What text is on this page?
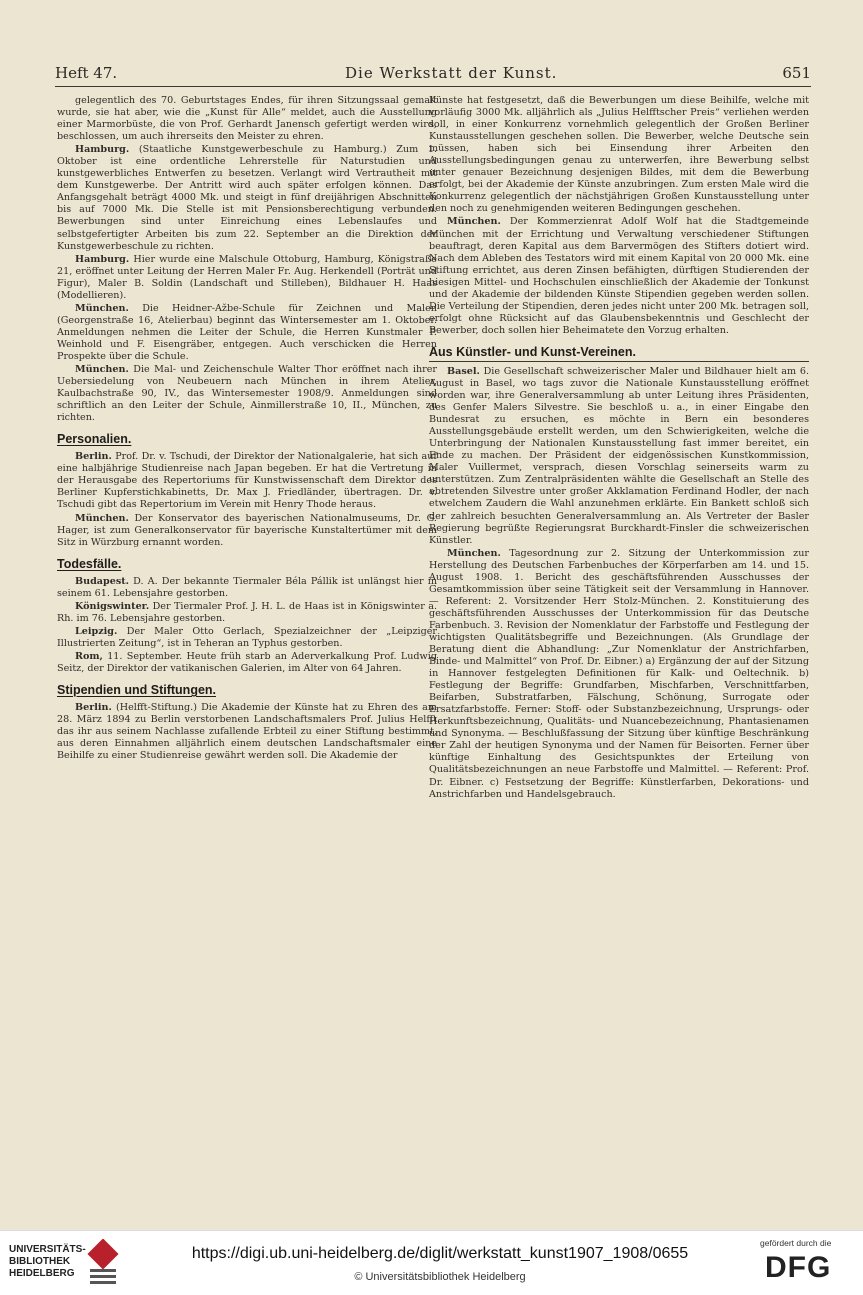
Heft 47.	Die Werkstatt der Kunst.	651

gelegentlich des 70. Geburtstages Endes, für ihren Sitzungssaal gemalt wurde, sie hat aber, wie die „Kunst für Alle“ meldet, auch die Ausstellung einer Marmorbüste, die von Prof. Gerhardt Janensch gefertigt werden wird, beschlossen, um auch ihrerseits den Meister zu ehren.

Hamburg. (Staatliche Kunstgewerbeschule zu Hamburg.) Zum 1. Oktober ist eine ordentliche Lehrerstelle für Naturstudien und kunstgewerbliches Entwerfen zu besetzen. Verlangt wird Vertrautheit mit dem Kunstgewerbe. Der Antritt wird auch später erfolgen können. Das Anfangsgehalt beträgt 4000 Mk. und steigt in fünf dreijährigen Abschnitten bis auf 7000 Mk. Die Stelle ist mit Pensionsberechtigung verbunden. Bewerbungen sind unter Einreichung eines Lebenslaufes und selbstgefertigter Arbeiten bis zum 22. September an die Direktion der Kunstgewerbeschule zu richten.

Hamburg. Hier wurde eine Malschule Ottoburg, Hamburg, Königstraße 21, eröffnet unter Leitung der Herren Maler Fr. Aug. Herkendell (Porträt und Figur), Maler B. Soldin (Landschaft und Stilleben), Bildhauer H. Haas (Modellieren).

München. Die Heidner-Ažbe-Schule für Zeichnen und Malen (Georgenstraße 16, Atelierbau) beginnt das Wintersemester am 1. Oktober. Anmeldungen nehmen die Leiter der Schule, die Herren Kunstmaler P. Weinhold und F. Eisengräber, entgegen. Auch verschicken die Herren Prospekte über die Schule.

München. Die Mal- und Zeichenschule Walter Thor eröffnet nach ihrer Uebersiedelung von Neubeuern nach München in ihrem Atelier, Kaulbachstraße 90, IV., das Wintersemester 1908/9. Anmeldungen sind schriftlich an den Leiter der Schule, Ainmillerstraße 10, II., München, zu richten.

Personalien.

Berlin. Prof. Dr. v. Tschudi, der Direktor der Nationalgalerie, hat sich auf eine halbjährige Studienreise nach Japan begeben. Er hat die Vertretung in der Herausgabe des Repertoriums für Kunstwissenschaft dem Direktor des Berliner Kupferstichkabinetts, Dr. Max J. Friedländer, übertragen. Dr. v. Tschudi gibt das Repertorium im Verein mit Henry Thode heraus.

München. Der Konservator des bayerischen Nationalmuseums, Dr. G. Hager, ist zum Generalkonservator für bayerische Kunstaltertümer mit dem Sitz in Würzburg ernannt worden.

Todesfälle.

Budapest. D. A. Der bekannte Tiermaler Béla Pállik ist unlängst hier in seinem 61. Lebensjahre gestorben.

Königswinter. Der Tiermaler Prof. J. H. L. de Haas ist in Königswinter a. Rh. im 76. Lebensjahre gestorben.

Leipzig. Der Maler Otto Gerlach, Spezialzeichner der „Leipziger Illustrierten Zeitung“, ist in Teheran an Typhus gestorben.

Rom, 11. September. Heute früh starb an Aderverkalkung Prof. Ludwig Seitz, der Direktor der vatikanischen Galerien, im Alter von 64 Jahren.

Stipendien und Stiftungen.

Berlin. (Helfft-Stiftung.) Die Akademie der Künste hat zu Ehren des am 28. März 1894 zu Berlin verstorbenen Landschaftsmalers Prof. Julius Helfft das ihr aus seinem Nachlasse zufallende Erbteil zu einer Stiftung bestimmt, aus deren Einnahmen alljährlich einem deutschen Landschaftsmaler eine Beihilfe zu einer Studienreise gewährt werden soll. Die Akademie der

Künste hat festgesetzt, daß die Bewerbungen um diese Beihilfe, welche mit vorläufig 3000 Mk. alljährlich als „Julius Helfftscher Preis“ verliehen werden soll, in einer Konkurrenz vornehmlich gelegentlich der Großen Berliner Kunstausstellungen geschehen sollen. Die Bewerber, welche Deutsche sein müssen, haben sich bei Einsendung ihrer Arbeiten den Ausstellungsbedingungen genau zu unterwerfen, ihre Bewerbung selbst unter genauer Bezeichnung desjenigen Bildes, mit dem die Bewerbung erfolgt, bei der Akademie der Künste anzubringen. Zum ersten Male wird die Konkurrenz gelegentlich der nächstjährigen Großen Kunstausstellung unter den noch zu genehmigenden weiteren Bedingungen geschehen.

München. Der Kommerzienrat Adolf Wolf hat die Stadtgemeinde München mit der Errichtung und Verwaltung verschiedener Stiftungen beauftragt, deren Kapital aus dem Barvermögen des Stifters dotiert wird. Nach dem Ableben des Testators wird mit einem Kapital von 20 000 Mk. eine Stiftung errichtet, aus deren Zinsen befähigten, dürftigen Studierenden der hiesigen Mittel- und Hochschulen einschließlich der Akademie der Tonkunst und der Akademie der bildenden Künste Stipendien gegeben werden sollen. Die Verteilung der Stipendien, deren jedes nicht unter 200 Mk. betragen soll, erfolgt ohne Rücksicht auf das Glaubensbekenntnis und Geschlecht der Bewerber, doch sollen hier Beheimatete den Vorzug erhalten.

Aus Künstler- und Kunst-Vereinen.

Basel. Die Gesellschaft schweizerischer Maler und Bildhauer hielt am 6. August in Basel, wo tags zuvor die Nationale Kunstausstellung eröffnet worden war, ihre Generalversammlung ab unter Leitung ihres Präsidenten, des Genfer Malers Silvestre. Sie beschloß u. a., in einer Eingabe den Bundesrat zu ersuchen, es möchte in Bern ein besonderes Ausstellungsgebäude erstellt werden, um den Schwierigkeiten, welche die Unterbringung der Nationalen Kunstausstellung fast immer bereitet, ein Ende zu machen. Der Präsident der eidgenössischen Kunstkommission, Maler Vuillermet, versprach, diesen Vorschlag seinerseits warm zu unterstützen. Zum Zentralpräsidenten wählte die Gesellschaft an Stelle des abtretenden Silvestre unter großer Akklamation Ferdinand Hodler, der nach etwelchem Zaudern die Wahl anzunehmen erklärte. Ein Bankett schloß sich der zahlreich besuchten Generalversammlung an. Als Vertreter der Basler Regierung begrüßte Regierungsrat Burckhardt-Finsler die schweizerischen Künstler.

München. Tagesordnung zur 2. Sitzung der Unterkommission zur Herstellung des Deutschen Farbenbuches der Körperfarben am 14. und 15. August 1908. 1. Bericht des geschäftsführenden Ausschusses der Gesamtkommission über seine Tätigkeit seit der Versammlung in Hannover. — Referent: 2. Vorsitzender Herr Stolz-München. 2. Konstituierung des geschäftsführenden Ausschusses der Unterkommission für das Deutsche Farbenbuch. 3. Revision der Nomenklatur der Farbstoffe und Festlegung der wichtigsten Qualitätsbegriffe und Bezeichnungen. (Als Grundlage der Beratung dient die Abhandlung: „Zur Nomenklatur der Anstrichfarben, Binde- und Malmittel“ von Prof. Dr. Eibner.) a) Ergänzung der auf der Sitzung in Hannover festgelegten Definitionen für Kalk- und Oeltechnik. b) Festlegung der Begriffe: Grundfarben, Mischfarben, Verschnittfarben, Beifarben, Substratfarben, Fälschung, Schönung, Surrogate oder Ersatzfarbstoffe. Ferner: Stoff- oder Substanzbezeichnung, Ursprungs- oder Herkunftsbezeichnung, Qualitäts- und Nuancebezeichnung, Phantasienamen und Synonyma. — Beschlußfassung der Sitzung über künftige Beschränkung der Zahl der heutigen Synonyma und der Namen für Beisorten. Ferner über künftige Einhaltung des Gesichtspunktes der Erteilung von Qualitätsbezeichnungen an neue Farbstoffe und Malmittel. — Referent: Prof. Dr. Eibner. c) Festsetzung der Begriffe: Künstlerfarben, Dekorations- und Anstrichfarben und Handelsgebrauch.

UNIVERSITÄTS-
BIBLIOTHEK
HEIDELBERG
https://digi.ub.uni-heidelberg.de/diglit/werkstatt_kunst1907_1908/0655
© Universitätsbibliothek Heidelberg
gefördert durch die
DFG
